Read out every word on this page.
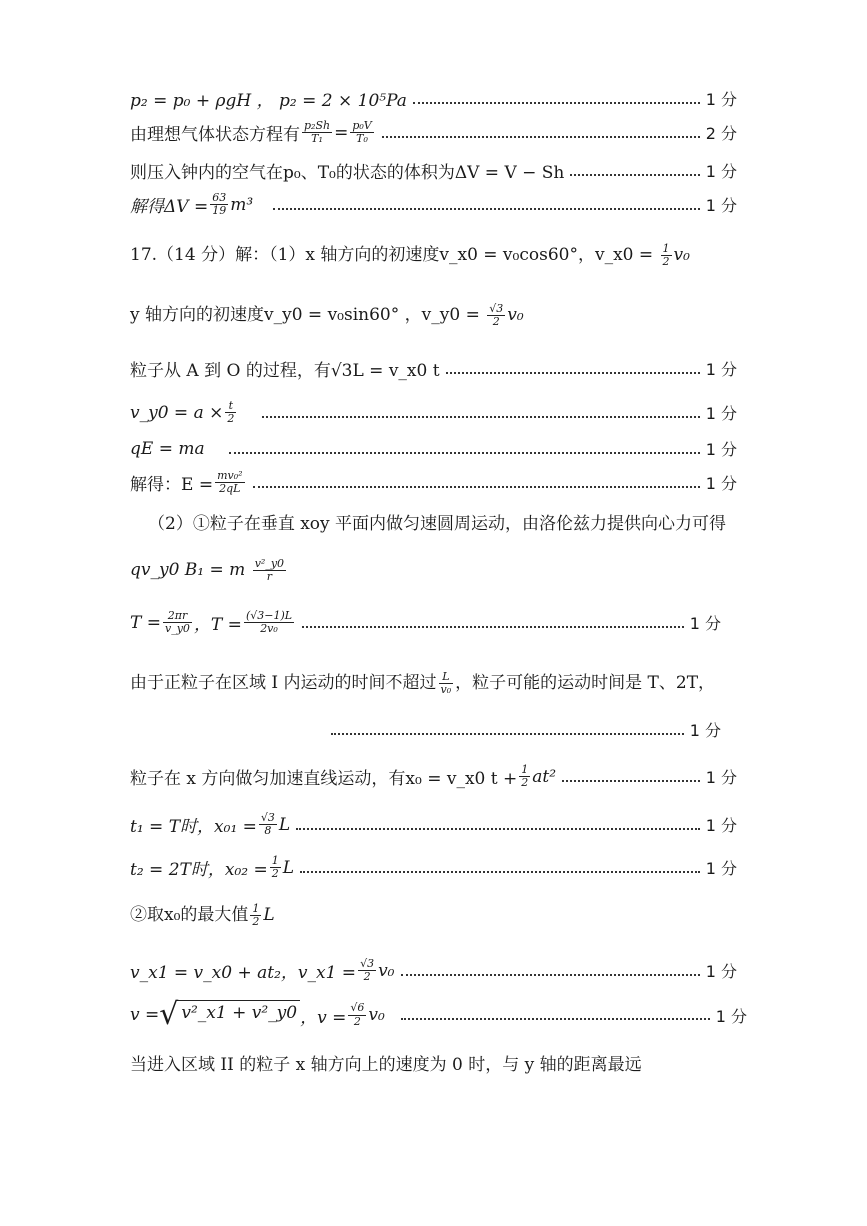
p₂ = p₀ + ρgH ， p₂ = 2 × 10⁵Pa	1 分
由理想气体状态方程有 $\frac{\text{p₂Sh}}{\text{T₁}} = \frac{\text{p₀V}}{\text{T₀}}$	2 分
则压入钟内的空气在p₀、T₀的状态的体积为ΔV = V − Sh	1 分
解得$\Delta V = \frac{63}{19} m^3$	1 分
17.（14 分）解：（1）x 轴方向的初速度v_x0 = v₀cos60°，v_x0 = $\frac{1}{2} v_0$
y 轴方向的初速度v_y0 = v₀sin60° ，v_y0 = $\frac{√3}{2} v_0$
粒子从 A 到 O 的过程，有√3L = v_x0 t	1 分
v_y0 = $a \times \frac{t}{2}$	1 分
qE = ma	1 分
解得：$E = \frac{\text{mv₀²}}{2qL}$	1 分
（2）①粒子在垂直 xoy 平面内做匀速圆周运动，由洛伦兹力提供向心力可得
qv_y0 B₁ = m $\frac{\text{v²\_y0}}{r}$
$T = \frac{2\pi r}{v\_y0}$ ，$T = \frac{(√3-1)L}{\text{2v₀}}$	1 分
由于正粒子在区域 I 内运动的时间不超过 $\frac{L}{\text{v₀}}$ ，粒子可能的运动时间是 T、2T，
1 分
粒子在 x 方向做匀加速直线运动，有x₀ = v_x0 $t + \frac{1}{2} at^2$	1 分
t₁ = T时，$x_{01} = \frac{√3}{8}$ L	1 分
t₂ = 2T时，$x_{02} = \frac{1}{2}$ L	1 分
②取x₀的最大值 $\frac{1}{2}$ L
v_x1 = v_x0 + at₂，v_x1 = $\frac{√3}{2} v_0$	1 分
v = √ v²_x1 + v²_y0 ，$v = \frac{√6}{2} v_0$	1 分
当进入区域 II 的粒子 x 轴方向上的速度为 0 时，与 y 轴的距离最远
